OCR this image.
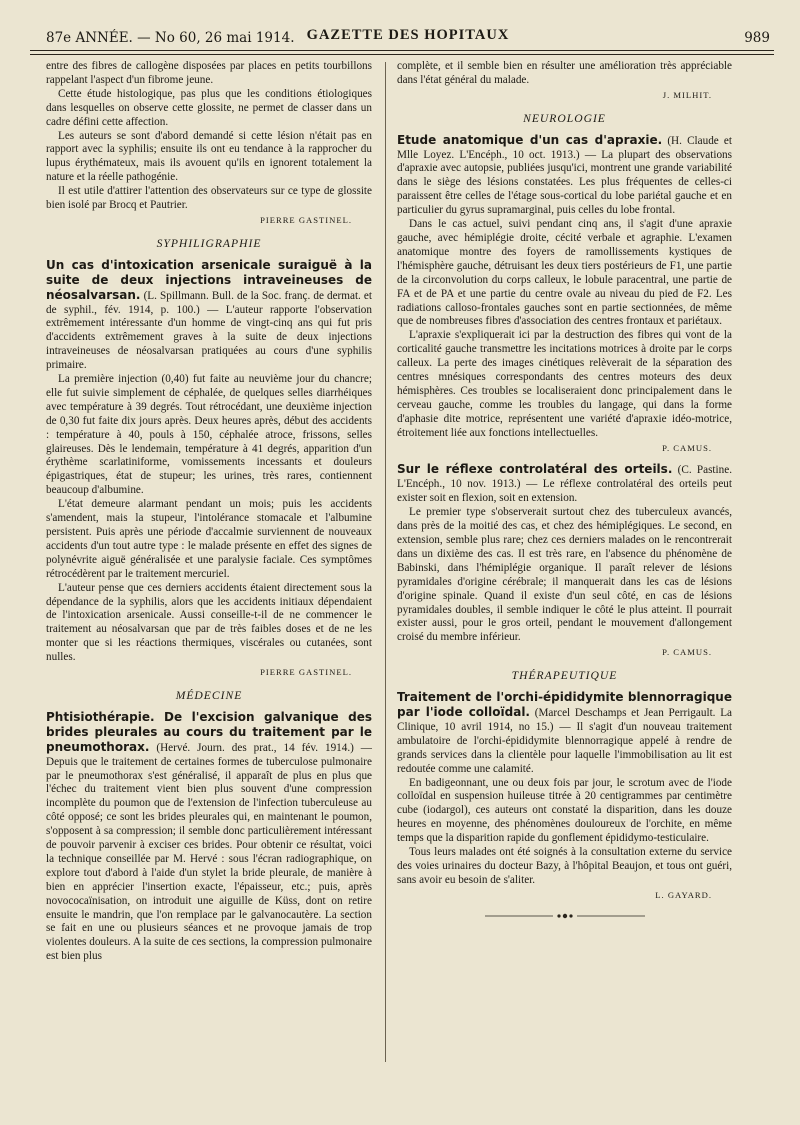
87e ANNÉE. — No 60, 26 mai 1914. GAZETTE DES HOPITAUX	989

entre des fibres de callogène disposées par places en petits tourbillons rappelant l'aspect d'un fibrome jeune.

Cette étude histologique, pas plus que les conditions étiologiques dans lesquelles on observe cette glossite, ne permet de classer dans un cadre défini cette affection.

Les auteurs se sont d'abord demandé si cette lésion n'était pas en rapport avec la syphilis; ensuite ils ont eu tendance à la rapprocher du lupus érythémateux, mais ils avouent qu'ils en ignorent totalement la nature et la réelle pathogénie.

Il est utile d'attirer l'attention des observateurs sur ce type de glossite bien isolé par Brocq et Pautrier.

PIERRE GASTINEL.
SYPHILIGRAPHIE

Un cas d'intoxication arsenicale suraiguë à la suite de deux injections intraveineuses de néosalvarsan. (L. Spillmann. Bull. de la Soc. franç. de dermat. et de syphil., fév. 1914, p. 100.) — L'auteur rapporte l'observation extrêmement intéressante d'un homme de vingt-cinq ans qui fut pris d'accidents extrêmement graves à la suite de deux injections intraveineuses de néosalvarsan pratiquées au cours d'une syphilis primaire.

La première injection (0,40) fut faite au neuvième jour du chancre; elle fut suivie simplement de céphalée, de quelques selles diarrhéiques avec température à 39 degrés. Tout rétrocédant, une deuxième injection de 0,30 fut faite dix jours après. Deux heures après, début des accidents : température à 40, pouls à 150, céphalée atroce, frissons, selles glaireuses. Dès le lendemain, température à 41 degrés, apparition d'un érythème scarlatiniforme, vomissements incessants et douleurs épigastriques, état de stupeur; les urines, très rares, contiennent beaucoup d'albumine.

L'état demeure alarmant pendant un mois; puis les accidents s'amendent, mais la stupeur, l'intolérance stomacale et l'albumine persistent. Puis après une période d'accalmie surviennent de nouveaux accidents d'un tout autre type : le malade présente en effet des signes de polynévrite aiguë généralisée et une paralysie faciale. Ces symptômes rétrocédèrent par le traitement mercuriel.

L'auteur pense que ces derniers accidents étaient directement sous la dépendance de la syphilis, alors que les accidents initiaux dépendaient de l'intoxication arsenicale. Aussi conseille-t-il de ne commencer le traitement au néosalvarsan que par de très faibles doses et de ne les monter que si les réactions thermiques, viscérales ou cutanées, sont nulles.

PIERRE GASTINEL.
MÉDECINE

Phtisiothérapie. De l'excision galvanique des brides pleurales au cours du traitement par le pneumothorax. (Hervé. Journ. des prat., 14 fév. 1914.) — Depuis que le traitement de certaines formes de tuberculose pulmonaire par le pneumothorax s'est généralisé, il apparaît de plus en plus que l'échec du traitement vient bien plus souvent d'une compression incomplète du poumon que de l'extension de l'infection tuberculeuse au côté opposé; ce sont les brides pleurales qui, en maintenant le poumon, s'opposent à sa compression; il semble donc particulièrement intéressant de pouvoir parvenir à exciser ces brides. Pour obtenir ce résultat, voici la technique conseillée par M. Hervé : sous l'écran radiographique, on explore tout d'abord à l'aide d'un stylet la bride pleurale, de manière à bien en apprécier l'insertion exacte, l'épaisseur, etc.; puis, après novococaïnisation, on introduit une aiguille de Küss, dont on retire ensuite le mandrin, que l'on remplace par le galvanocautère. La section se fait en une ou plusieurs séances et ne provoque jamais de trop violentes douleurs. A la suite de ces sections, la compression pulmonaire est bien plus

complète, et il semble bien en résulter une amélioration très appréciable dans l'état général du malade.

J. MILHIT.
NEUROLOGIE

Etude anatomique d'un cas d'apraxie. (H. Claude et Mlle Loyez. L'Encéph., 10 oct. 1913.) — La plupart des observations d'apraxie avec autopsie, publiées jusqu'ici, montrent une grande variabilité dans le siège des lésions constatées. Les plus fréquentes de celles-ci paraissent être celles de l'étage sous-cortical du lobe pariétal gauche et en particulier du gyrus supramarginal, puis celles du lobe frontal.

Dans le cas actuel, suivi pendant cinq ans, il s'agit d'une apraxie gauche, avec hémiplégie droite, cécité verbale et agraphie. L'examen anatomique montre des foyers de ramollissements kystiques de l'hémisphère gauche, détruisant les deux tiers postérieurs de F1, une partie de la circonvolution du corps calleux, le lobule paracentral, une partie de FA et de PA et une partie du centre ovale au niveau du pied de F2. Les radiations calloso-frontales gauches sont en partie sectionnées, de même que de nombreuses fibres d'association des centres frontaux et pariétaux.

L'apraxie s'expliquerait ici par la destruction des fibres qui vont de la corticalité gauche transmettre les incitations motrices à droite par le corps calleux. La perte des images cinétiques relèverait de la séparation des centres mnésiques correspondants des centres moteurs des deux hémisphères. Ces troubles se localiseraient donc principalement dans le cerveau gauche, comme les troubles du langage, qui dans la forme d'aphasie dite motrice, représentent une variété d'apraxie idéo-motrice, étroitement liée aux fonctions intellectuelles.

P. CAMUS.

Sur le réflexe controlatéral des orteils. (C. Pastine. L'Encéph., 10 nov. 1913.) — Le réflexe controlatéral des orteils peut exister soit en flexion, soit en extension.

Le premier type s'observerait surtout chez des tuberculeux avancés, dans près de la moitié des cas, et chez des hémiplégiques. Le second, en extension, semble plus rare; chez ces derniers malades on le rencontrerait dans un dixième des cas. Il est très rare, en l'absence du phénomène de Babinski, dans l'hémiplégie organique. Il paraît relever de lésions pyramidales d'origine cérébrale; il manquerait dans les cas de lésions d'origine spinale. Quand il existe d'un seul côté, en cas de lésions pyramidales doubles, il semble indiquer le côté le plus atteint. Il pourrait exister aussi, pour le gros orteil, pendant le mouvement d'allongement croisé du membre inférieur.

P. CAMUS.
THÉRAPEUTIQUE

Traitement de l'orchi-épididymite blennorragique par l'iode colloïdal. (Marcel Deschamps et Jean Perrigault. La Clinique, 10 avril 1914, no 15.) — Il s'agit d'un nouveau traitement ambulatoire de l'orchi-épididymite blennorragique appelé à rendre de grands services dans la clientèle pour laquelle l'immobilisation au lit est redoutée comme une calamité.

En badigeonnant, une ou deux fois par jour, le scrotum avec de l'iode colloïdal en suspension huileuse titrée à 20 centigrammes par centimètre cube (iodargol), ces auteurs ont constaté la disparition, dans les douze heures en moyenne, des phénomènes douloureux de l'orchite, en même temps que la disparition rapide du gonflement épididymo-testiculaire.

Tous leurs malades ont été soignés à la consultation externe du service des voies urinaires du docteur Bazy, à l'hôpital Beaujon, et tous ont guéri, sans avoir eu besoin de s'aliter.

L. GAYARD.
